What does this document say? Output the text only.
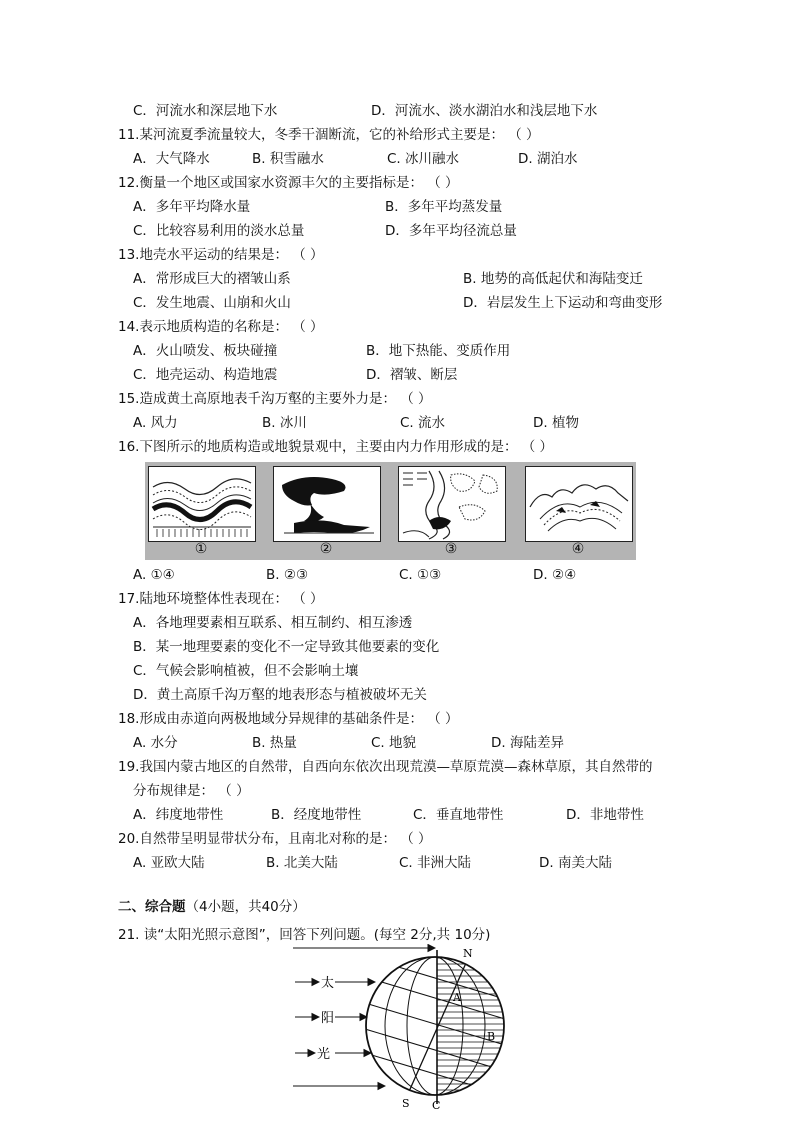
C．河流水和深层地下水	D．河流水、淡水湖泊水和浅层地下水
11.某河流夏季流量较大，冬季干涸断流，它的补给形式主要是： （ ）
A．大气降水	B. 积雪融水	C. 冰川融水	D. 湖泊水
12.衡量一个地区或国家水资源丰欠的主要指标是： （ ）
A．多年平均降水量	B．多年平均蒸发量
C．比较容易利用的淡水总量	D．多年平均径流总量
13.地壳水平运动的结果是： （ ）
A．常形成巨大的褶皱山系	B. 地势的高低起伏和海陆变迁
C．发生地震、山崩和火山	D．岩层发生上下运动和弯曲变形
14.表示地质构造的名称是： （ ）
A．火山喷发、板块碰撞	B．地下热能、变质作用
C．地壳运动、构造地震	D．褶皱、断层
15.造成黄土高原地表千沟万壑的主要外力是： （ ）
A. 风力	B. 冰川	C. 流水	D. 植物
16.下图所示的地质构造或地貌景观中，主要由内力作用形成的是： （ ）
①	②	③	④
A. ①④	B. ②③	C. ①③	D. ②④
17.陆地环境整体性表现在： （ ）
A．各地理要素相互联系、相互制约、相互渗透
B．某一地理要素的变化不一定导致其他要素的变化
C．气候会影响植被，但不会影响土壤
D．黄土高原千沟万壑的地表形态与植被破坏无关
18.形成由赤道向两极地域分异规律的基础条件是： （ ）
A. 水分	B. 热量	C. 地貌	D. 海陆差异
19.我国内蒙古地区的自然带，自西向东依次出现荒漠—草原荒漠—森林草原，其自然带的
分布规律是： （ ）
A．纬度地带性	B．经度地带性	C．垂直地带性	D．非地带性
20.自然带呈明显带状分布，且南北对称的是： （ ）
A. 亚欧大陆	B. 北美大陆	C. 非洲大陆	D. 南美大陆
二、综合题（4小题，共40分）
21. 读“太阳光照示意图”，回答下列问题。(每空 2分,共 10分)
太
阳
光
N
A
B
S C
